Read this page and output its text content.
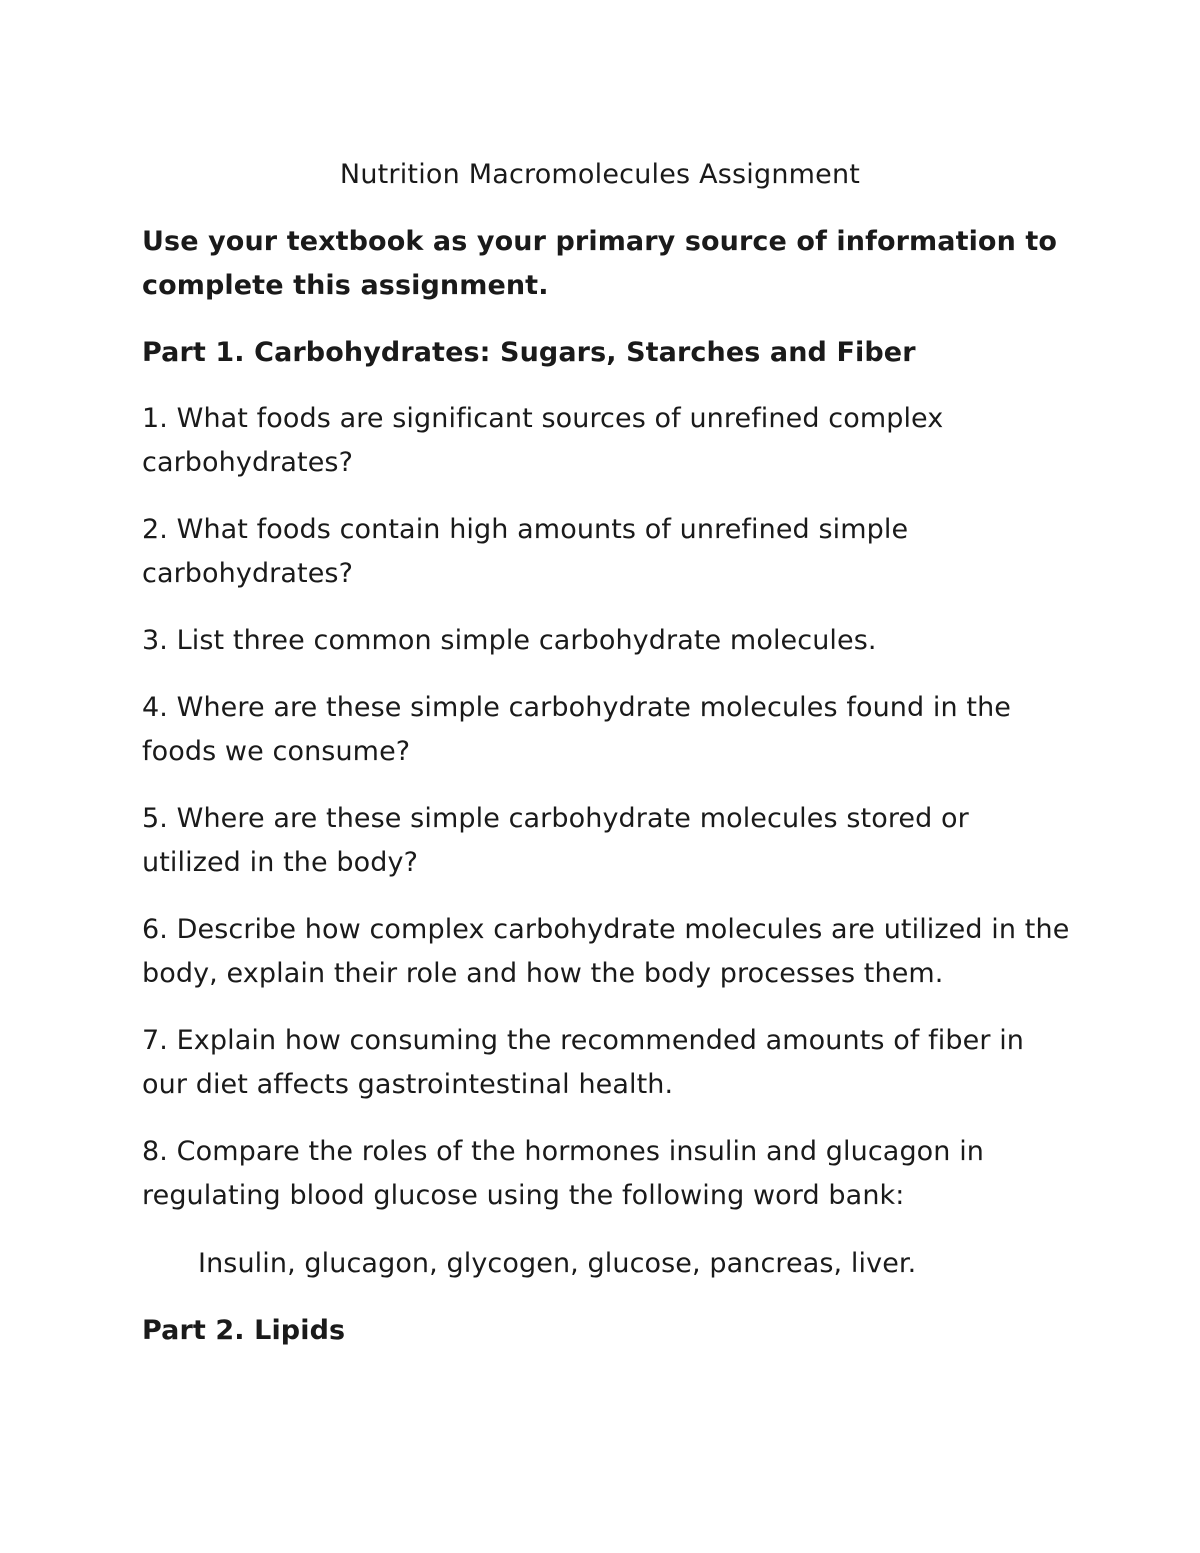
Nutrition Macromolecules Assignment

Use your textbook as your primary source of information to complete this assignment.

Part 1. Carbohydrates: Sugars, Starches and Fiber

1. What foods are significant sources of unrefined complex carbohydrates?

2. What foods contain high amounts of unrefined simple carbohydrates?

3. List three common simple carbohydrate molecules.

4. Where are these simple carbohydrate molecules found in the foods we consume?

5. Where are these simple carbohydrate molecules stored or utilized in the body?

6. Describe how complex carbohydrate molecules are utilized in the body, explain their role and how the body processes them.

7. Explain how consuming the recommended amounts of fiber in our diet affects gastrointestinal health.

8. Compare the roles of the hormones insulin and glucagon in regulating blood glucose using the following word bank:

Insulin, glucagon, glycogen, glucose, pancreas, liver.

Part 2. Lipids
